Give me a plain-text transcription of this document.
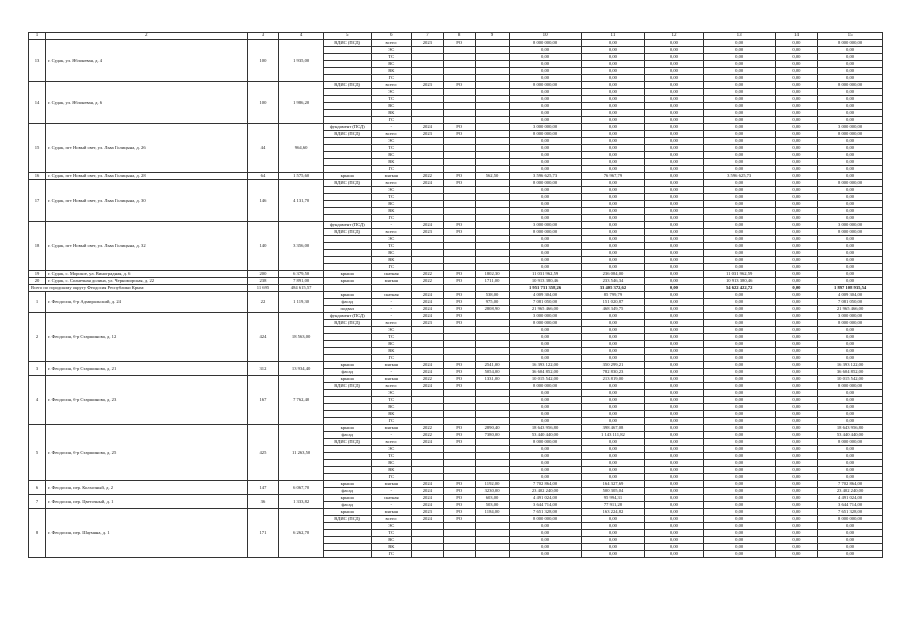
1	2	3	4	5	6	7	8	9	10	11	12	13	14	15
13	г. Судак, ул. Яблоневая, д. 4	100	1 935,00	ВДИС (ПСД)	всего:	2023	РО		8 000 000,00	0,00	0,00	0,00	0,00	8 000 000,00
					ЭС				0,00	0,00	0,00	0,00	0,00	0,00
					ТС				0,00	0,00	0,00	0,00	0,00	0,00
					ВС				0,00	0,00	0,00	0,00	0,00	0,00
					ВК				0,00	0,00	0,00	0,00	0,00	0,00
					ГС				0,00	0,00	0,00	0,00	0,00	0,00
14	г. Судак, ул. Яблоневая, д. 6	100	1 986,20	ВДИС (ПСД)	всего:	2023	РО		8 000 000,00	0,00	0,00	0,00	0,00	8 000 000,00
					ЭС				0,00	0,00	0,00	0,00	0,00	0,00
					ТС				0,00	0,00	0,00	0,00	0,00	0,00
					ВС				0,00	0,00	0,00	0,00	0,00	0,00
					ВК				0,00	0,00	0,00	0,00	0,00	0,00
					ГС				0,00	0,00	0,00	0,00	0,00	0,00
15	г. Судак, пгт Новый свет, ул. Льва Голицына, д. 26	44	964,60	фундамент (ПСД)	-	2024	РО		3 000 000,00	0,00	0,00	0,00	0,00	3 000 000,00
				ВДИС (ПСД)	всего:	2023	РО		8 000 000,00	0,00	0,00	0,00	0,00	8 000 000,00
					ЭС				0,00	0,00	0,00	0,00	0,00	0,00
					ТС				0,00	0,00	0,00	0,00	0,00	0,00
					ВС				0,00	0,00	0,00	0,00	0,00	0,00
					ВК				0,00	0,00	0,00	0,00	0,00	0,00
					ГС				0,00	0,00	0,00	0,00	0,00	0,00
16	г. Судак, пгт Новый свет, ул. Льва Голицына, д. 28	64	1 575,60	крыша	мягкая	2022	РО	562,50	3 596 625,73	76 967,79	0,00	3 596 625,73	0,00	0,00
17	г. Судак, пгт Новый свет, ул. Льва Голицына, д. 30	146	4 131,70	ВДИС (ПСД)	всего:	2024	РО		8 000 000,00	0,00	0,00	0,00	0,00	8 000 000,00
					ЭС				0,00	0,00	0,00	0,00	0,00	0,00
					ТС				0,00	0,00	0,00	0,00	0,00	0,00
					ВС				0,00	0,00	0,00	0,00	0,00	0,00
					ВК				0,00	0,00	0,00	0,00	0,00	0,00
					ГС				0,00	0,00	0,00	0,00	0,00	0,00
18	г. Судак, пгт Новый свет, ул. Льва Голицына, д. 32	140	3 356,00	фундамент (ПСД)	-	2024	РО		3 000 000,00	0,00	0,00	0,00	0,00	3 000 000,00
				ВДИС (ПСД)	всего:	2023	РО		8 000 000,00	0,00	0,00	0,00	0,00	8 000 000,00
					ЭС				0,00	0,00	0,00	0,00	0,00	0,00
					ТС				0,00	0,00	0,00	0,00	0,00	0,00
					ВС				0,00	0,00	0,00	0,00	0,00	0,00
					ВК				0,00	0,00	0,00	0,00	0,00	0,00
					ГС				0,00	0,00	0,00	0,00	0,00	0,00
19	г. Судак, с. Морское, ул. Виноградная, д. 6	200	6 379,50	крыша	скатная	2022	РО	1802,30	11 031 962,59	236 084,00	0,00	11 031 962,59	0,00	0,00
20	г. Судак, с. Солнечная долина, ул. Черноморская, д. 22	238	7 891,00	крыша	мягкая	2022	РО	1711,00	10 913 380,46	233 546,34	0,00	10 913 380,46	0,00	0,00
Всего по городскому округу Феодосия Республики Крым:		11 695	484 615,57						1 951 731 358,26	33 405 372,62	0,00	54 622 422,72	0,00	1 897 108 935,54
1	г. Феодосия, б-р Адмиральский, д. 24	22	1 119,30	крыша	скатная	2024	РО	538,00	4 009 304,00	85 799,79	0,00	0,00	0,00	4 009 304,00
				фасад	-	2024	РО	975,00	7 081 050,00	151 020,87	0,00	0,00	0,00	7 081 050,00
				подвал	-	2024	РО	2808,90	21 965 466,00	468 349,75	0,00	0,00	0,00	21 965 466,00
2	г. Феодосия, б-р Старшинова, д. 12	424	18 563,00	фундамент (ПСД)	-	2024	РО		3 000 000,00	0,00	0,00	0,00	0,00	3 000 000,00
				ВДИС (ПСД)	всего:	2023	РО		8 000 000,00	0,00	0,00	0,00	0,00	8 000 000,00
					ЭС				0,00	0,00	0,00	0,00	0,00	0,00
					ТС				0,00	0,00	0,00	0,00	0,00	0,00
					ВС				0,00	0,00	0,00	0,00	0,00	0,00
					ВК				0,00	0,00	0,00	0,00	0,00	0,00
					ГС				0,00	0,00	0,00	0,00	0,00	0,00
3	г. Феодосия, б-р Старшинова, д. 21	312	13 934,40	крыша	мягкая	2024	РО	2541,00	16 393 122,00	350 299,21	0,00	0,00	0,00	16 393 122,00
				фасад	-	2024	РО	5054,00	36 604 852,00	782 830,23	0,00	0,00	0,00	36 604 852,00
4	г. Феодосия, б-р Старшинова, д. 23	167	7 762,40	крыша	мягкая	2022	РО	1331,00	10 015 542,00	213 819,00	0,00	0,00	0,00	10 015 542,00
				ВДИС (ПСД)	всего:	2024	РО		8 000 000,00	0,00	0,00	0,00	0,00	8 000 000,00
					ЭС				0,00	0,00	0,00	0,00	0,00	0,00
					ТС				0,00	0,00	0,00	0,00	0,00	0,00
					ВС				0,00	0,00	0,00	0,00	0,00	0,00
					ВК				0,00	0,00	0,00	0,00	0,00	0,00
					ГС				0,00	0,00	0,00	0,00	0,00	0,00
5	г. Феодосия, б-р Старшинова, д. 25	425	11 263,50	крыша	мягкая	2022	РО	2890,40	18 643 956,80	398 467,08	0,00	0,00	0,00	18 643 956,80
				фасад	-	2022	РО	7380,00	53 440 440,00	1 143 111,82	0,00	0,00	0,00	53 440 440,00
				ВДИС (ПСД)	всего:	2024	РО		8 000 000,00	0,00	0,00	0,00	0,00	8 000 000,00
					ЭС				0,00	0,00	0,00	0,00	0,00	0,00
					ТС				0,00	0,00	0,00	0,00	0,00	0,00
					ВС				0,00	0,00	0,00	0,00	0,00	0,00
					ВК				0,00	0,00	0,00	0,00	0,00	0,00
					ГС				0,00	0,00	0,00	0,00	0,00	0,00
6	г. Феодосия, пер. Колхозный, д. 2	147	6 067,70	крыша	мягкая	2024	РО	1192,00	7 702 864,00	164 327,69	0,00	0,00	0,00	7 702 864,00
				фасад	-	2024	РО	3230,00	23 402 240,00	500 305,04	0,00	0,00	0,00	23 402 240,00
7	г. Феодосия, пер. Цветочный, д. 1	36	1 333,82	крыша	скатная	2024	РО	603,00	4 491 024,00	95 994,31	0,00	0,00	0,00	4 491 024,00
				фасад	-	2024	РО	503,00	3 644 714,00	77 911,28	0,00	0,00	0,00	3 644 714,00
8	г. Феодосия, пер. Шаумяна, д. 1	171	6 262,70	крыша	мягкая	2023	РО	1184,00	7 651 328,00	163 224,82	0,00	0,00	0,00	7 651 328,00
				ВДИС (ПСД)	всего:	2024	РО		8 000 000,00	0,00	0,00	0,00	0,00	8 000 000,00
					ЭС				0,00	0,00	0,00	0,00	0,00	0,00
					ТС				0,00	0,00	0,00	0,00	0,00	0,00
					ВС				0,00	0,00	0,00	0,00	0,00	0,00
					ВК				0,00	0,00	0,00	0,00	0,00	0,00
					ГС				0,00	0,00	0,00	0,00	0,00	0,00
